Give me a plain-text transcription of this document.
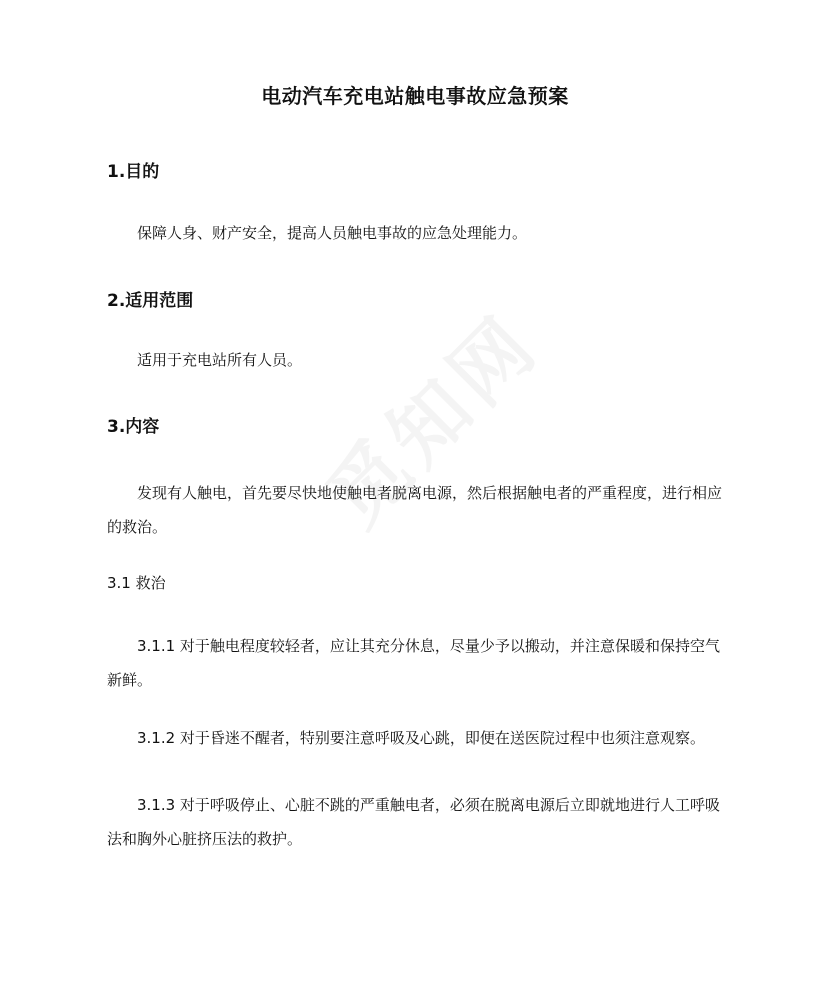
电动汽车充电站触电事故应急预案
1.目的
保障人身、财产安全，提高人员触电事故的应急处理能力。
2.适用范围
适用于充电站所有人员。
3.内容
发现有人触电，首先要尽快地使触电者脱离电源，然后根据触电者的严重程度，进行相应的救治。
3.1 救治
3.1.1 对于触电程度较轻者，应让其充分休息，尽量少予以搬动，并注意保暖和保持空气新鲜。
3.1.2 对于昏迷不醒者，特别要注意呼吸及心跳，即便在送医院过程中也须注意观察。
3.1.3 对于呼吸停止、心脏不跳的严重触电者，必须在脱离电源后立即就地进行人工呼吸法和胸外心脏挤压法的救护。
